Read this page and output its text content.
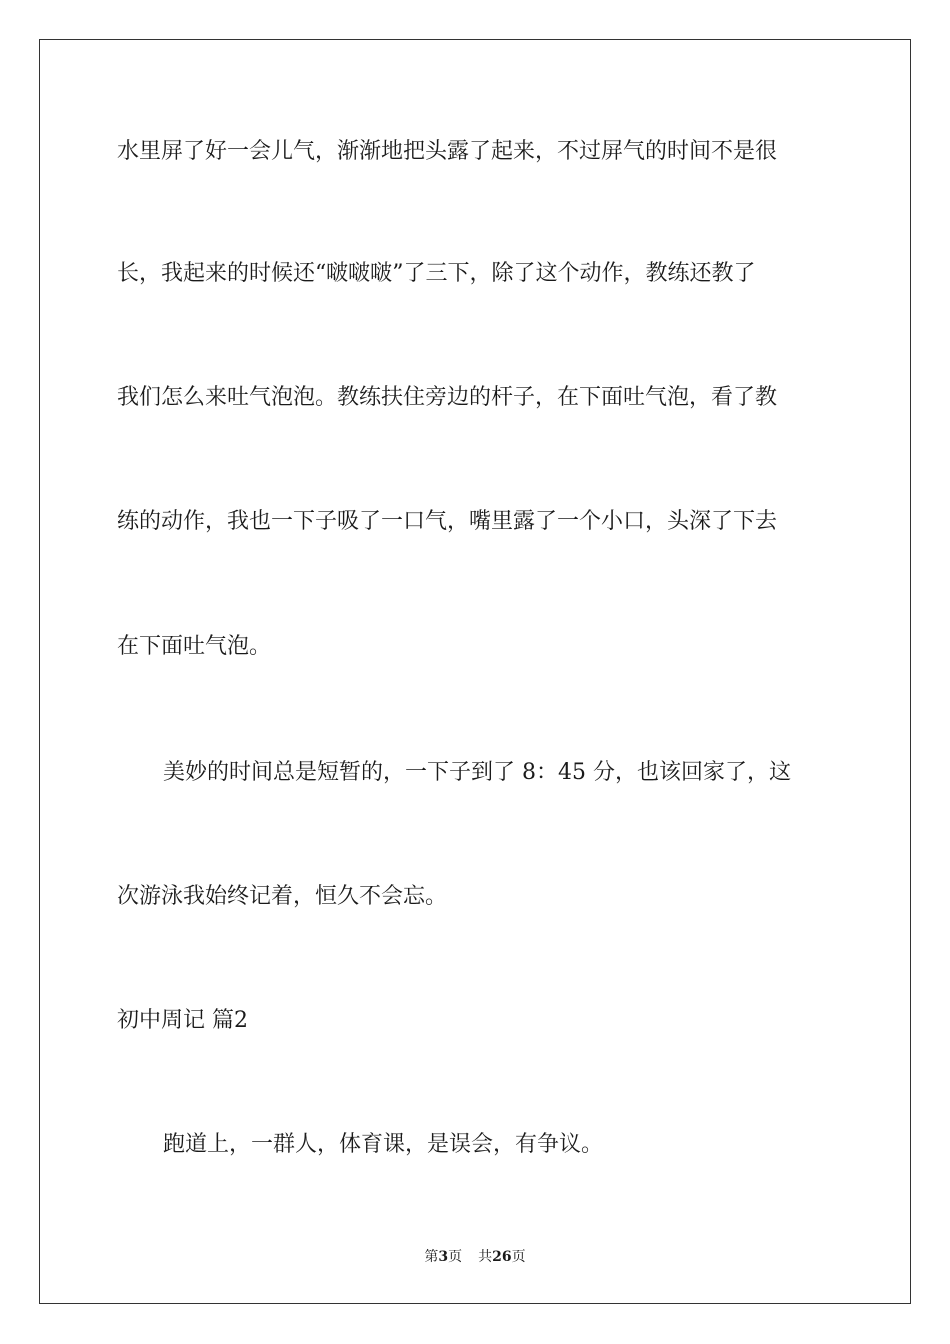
水里屏了好一会儿气，渐渐地把头露了起来，不过屏气的时间不是很

长，我起来的时候还“啵啵啵”了三下，除了这个动作，教练还教了

我们怎么来吐气泡泡。教练扶住旁边的杆子，在下面吐气泡，看了教

练的动作，我也一下子吸了一口气，嘴里露了一个小口，头深了下去

在下面吐气泡。

美妙的时间总是短暂的，一下子到了 8：45 分，也该回家了，这

次游泳我始终记着，恒久不会忘。

初中周记 篇2

跑道上，一群人，体育课，是误会，有争议。

第3页 共26页
